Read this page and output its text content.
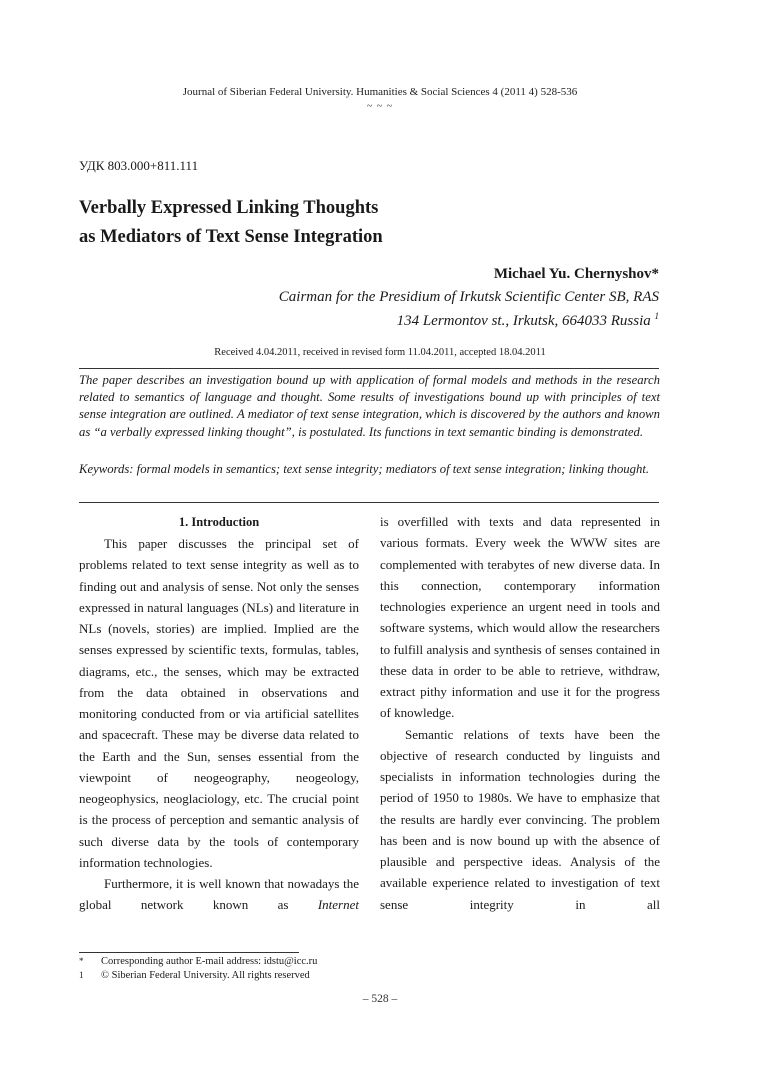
Journal of Siberian Federal University. Humanities & Social Sciences 4 (2011 4) 528-536
~ ~ ~
УДК 803.000+811.111
Verbally Expressed Linking Thoughts
as Mediators of Text Sense Integration
Michael Yu. Chernyshov*
Cairman for the Presidium of Irkutsk Scientific Center SB, RAS
134 Lermontov st., Irkutsk, 664033 Russia $^1$
Received 4.04.2011, received in revised form 11.04.2011, accepted 18.04.2011
The paper describes an investigation bound up with application of formal models and methods in the research related to semantics of language and thought. Some results of investigations bound up with principles of text sense integration are outlined. A mediator of text sense integration, which is discovered by the authors and known as “a verbally expressed linking thought”, is postulated. Its functions in text semantic binding is demonstrated.
Keywords: formal models in semantics; text sense integrity; mediators of text sense integration; linking thought.
1. Introduction

This paper discusses the principal set of problems related to text sense integrity as well as to finding out and analysis of sense. Not only the senses expressed in natural languages (NLs) and literature in NLs (novels, stories) are implied. Implied are the senses expressed by scientific texts, formulas, tables, diagrams, etc., the senses, which may be extracted from the data obtained in observations and monitoring conducted from or via artificial satellites and spacecraft. These may be diverse data related to the Earth and the Sun, senses essential from the viewpoint of neogeography, neogeology, neogeophysics, neoglaciology, etc. The crucial point is the process of perception and semantic analysis of such diverse data by the tools of contemporary information technologies.

Furthermore, it is well known that nowadays the global network known as Internet

is overfilled with texts and data represented in various formats. Every week the WWW sites are complemented with terabytes of new diverse data. In this connection, contemporary information technologies experience an urgent need in tools and software systems, which would allow the researchers to fulfill analysis and synthesis of senses contained in these data in order to be able to retrieve, withdraw, extract pithy information and use it for the progress of knowledge.

Semantic relations of texts have been the objective of research conducted by linguists and specialists in information technologies during the period of 1950 to 1980s. We have to emphasize that the results are hardly ever convincing. The problem has been and is now bound up with the absence of plausible and perspective ideas. Analysis of the available experience related to investigation of text sense integrity in all

* Corresponding author E-mail address: idstu@icc.ru
1 © Siberian Federal University. All rights reserved
– 528 –
